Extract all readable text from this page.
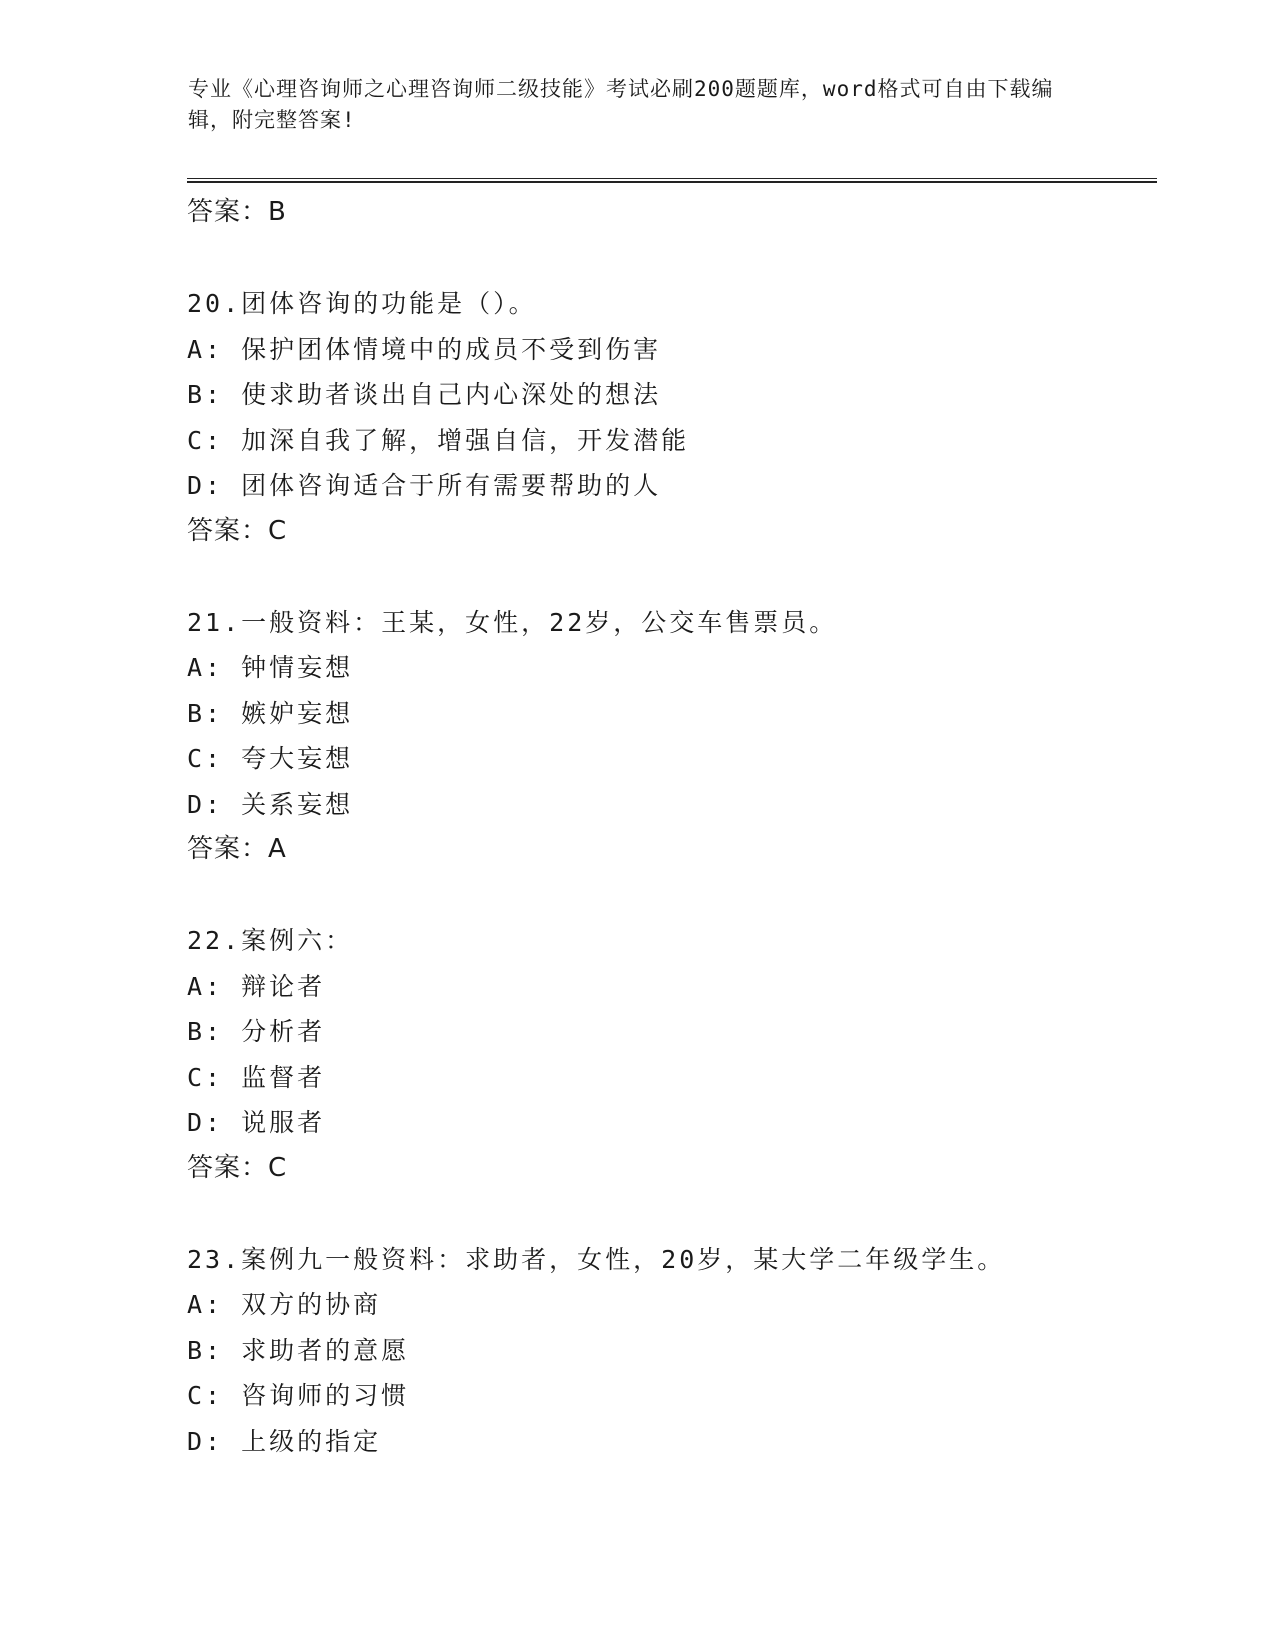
专业《心理咨询师之心理咨询师二级技能》考试必刷200题题库，word格式可自由下载编辑，附完整答案!
答案：B
20.团体咨询的功能是（）。
A: 保护团体情境中的成员不受到伤害
B: 使求助者谈出自己内心深处的想法
C: 加深自我了解，增强自信，开发潜能
D: 团体咨询适合于所有需要帮助的人
答案：C
21.一般资料：王某，女性，22岁，公交车售票员。
A: 钟情妄想
B: 嫉妒妄想
C: 夸大妄想
D: 关系妄想
答案：A
22.案例六：
A: 辩论者
B: 分析者
C: 监督者
D: 说服者
答案：C
23.案例九一般资料：求助者，女性，20岁，某大学二年级学生。
A: 双方的协商
B: 求助者的意愿
C: 咨询师的习惯
D: 上级的指定
